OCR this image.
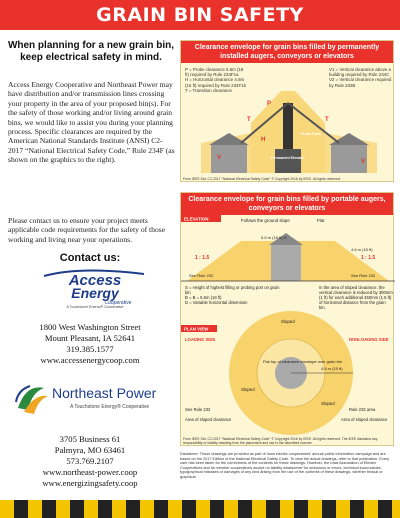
GRAIN BIN SAFETY
When planning for a new grain bin, keep electrical safety in mind.
Access Energy Cooperative and Northeast Power may have distribution and/or transmission lines crossing your property in the area of your proposed bin(s). For the safety of those working and/or living around grain bins, we would like to assist you during your planning process. Specific clearances are required by the American National Standards Institute (ANSI) C2-2017 “National Electrical Safety Code,” Rule 234F (as shown on the graphics to the right).
Please contact us to ensure your project meets applicable code requirements for the safety of those working and living near your operations.
Contact us:
Access
Energy
Cooperative
A Touchstone Energy® Cooperative
1800 West Washington Street
Mount Pleasant, IA 52641
319.385.1577
www.accessenergycoop.com
Northeast Power
A Touchstone Energy® Cooperative
3705 Business 61
Palmyra, MO 63461
573.769.2107
www.northeast-power.coop
www.energizingsafety.coop
Clearance envelope for grain bins filled by permanently installed augers, conveyors or elevators
P = Probe clearance 5.5m (18 ft) required by Rule 234F1a
H = Horizontal clearance 4.6m (15 ft) required by Rule 234F1b
T = Transition clearance
V1 = Vertical clearance above a building required by Rule 234C
V2 = Vertical clearance required by Rule 232B
Permanent Elevator
Probe Ports
P
H
V
V
T	T
From IEEE Std. C2-2017 “National Electrical Safety Code” © Copyright 2016 by IEEE. All rights reserved.
Clearance envelope for grain bins filled by portable augers, conveyors or elevators
ELEVATION	Follows the ground slope	Flat
5.5 m (18 ft) H
1 : 1.5	1 : 1.5
See Rule 232	See Rule 232
4.6 m (15 ft)
S = Height of highest filling or probing port on grain bin
B = B = 5.5m (18 ft)
D = Variable horizontal dimension
In the area of sloped clearance, the vertical clearance is reduced by 300mm (1 ft) for each additional 450mm (1.5 ft) of horizontal distance from the grain bin.
PLAN VIEW
LOADING SIDE	NONLOADING SIDE
4.6 m (15 ft)
Flat top of clearance envelope over grain bin
Sloped
Sloped
Sloped
See Rule 232	Rule 232 area
Area of sloped clearance	Area of sloped clearance
From IEEE Std. C2-2017 “National Electrical Safety Code” © Copyright 2016 by IEEE. All rights reserved. The IEEE disclaims any responsibility or liability resulting from the placement and use in the described manner.
Disclaimer: These drawings are provided as part of Iowa electric cooperatives' annual public information campaign and are based on the 2017 Edition of the National Electrical Safety Code. To view the actual drawings, refer to that publication. Every care has been taken for the correctness of the contents for these drawings. However, the Iowa Association of Electric Cooperatives and its member cooperatives accept no liability whatsoever for omissions or errors, technical inaccuracies, typographical mistakes or damages of any kind arising from the use of the contents of these drawings, whether textual or graphical.
